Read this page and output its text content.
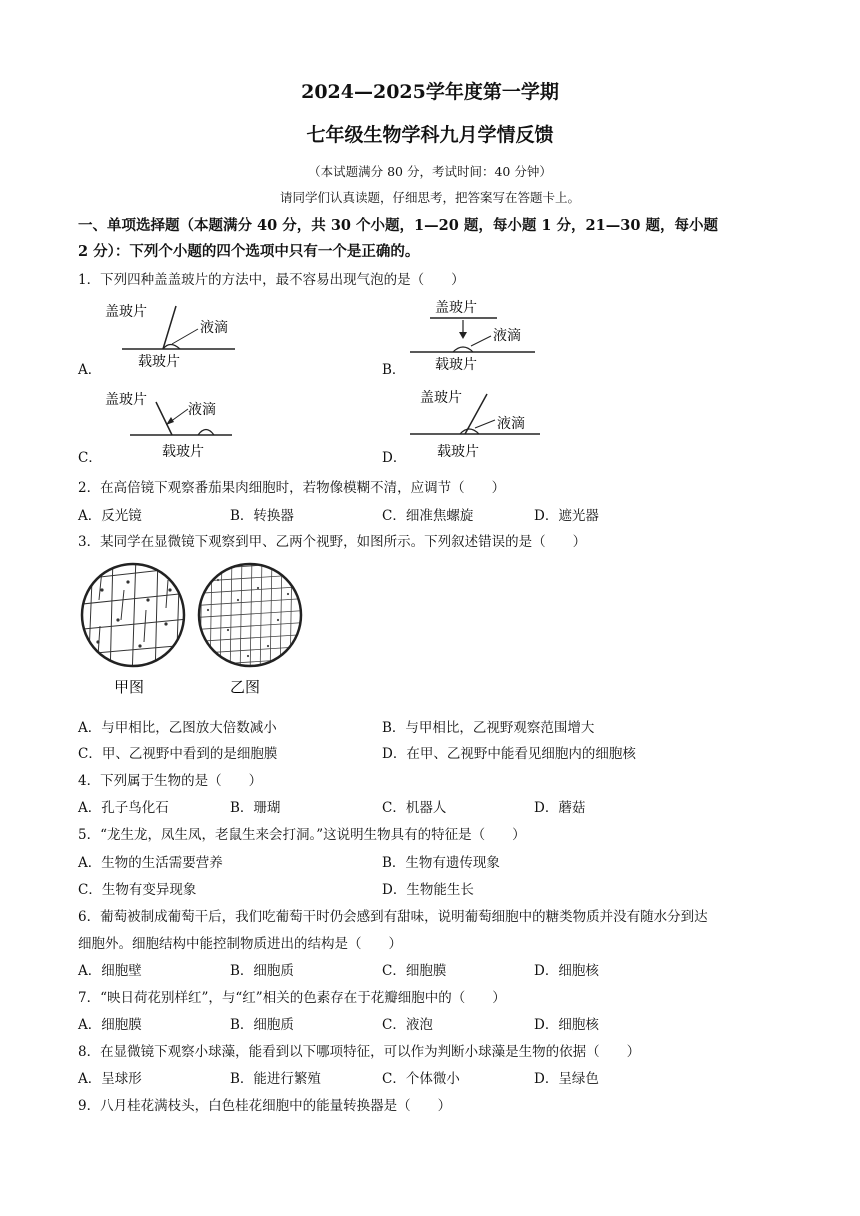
2024—2025学年度第一学期
七年级生物学科九月学情反馈
（本试题满分 80 分，考试时间：40 分钟）
请同学们认真读题，仔细思考，把答案写在答题卡上。
一、单项选择题（本题满分 40 分，共 30 个小题，1—20 题，每小题 1 分，21—30 题，每小题
2 分）：下列个小题的四个选项中只有一个是正确的。
1．下列四种盖盖玻片的方法中，最不容易出现气泡的是（　　）
A．
盖玻片
液滴
载玻片	B．
盖玻片
液滴
载玻片
C．
盖玻片
液滴
载玻片	D．
盖玻片
液滴
载玻片
2．在高倍镜下观察番茄果肉细胞时，若物像模糊不清，应调节（　　）
A．反光镜	B．转换器	C．细准焦螺旋	D．遮光器
3．某同学在显微镜下观察到甲、乙两个视野，如图所示。下列叙述错误的是（　　）
甲图	乙图
A．与甲相比，乙图放大倍数减小	B．与甲相比，乙视野观察范围增大
C．甲、乙视野中看到的是细胞膜	D．在甲、乙视野中能看见细胞内的细胞核
4．下列属于生物的是（　　）
A．孔子鸟化石	B．珊瑚	C．机器人	D．蘑菇
5．“龙生龙，凤生凤，老鼠生来会打洞。”这说明生物具有的特征是（　　）
A．生物的生活需要营养	B．生物有遗传现象
C．生物有变异现象	D．生物能生长
6．葡萄被制成葡萄干后，我们吃葡萄干时仍会感到有甜味，说明葡萄细胞中的糖类物质并没有随水分到达
细胞外。细胞结构中能控制物质进出的结构是（　　）
A．细胞壁	B．细胞质	C．细胞膜	D．细胞核
7．“映日荷花别样红”，与“红”相关的色素存在于花瓣细胞中的（　　）
A．细胞膜	B．细胞质	C．液泡	D．细胞核
8．在显微镜下观察小球藻，能看到以下哪项特征，可以作为判断小球藻是生物的依据（　　）
A．呈球形	B．能进行繁殖	C．个体微小	D．呈绿色
9．八月桂花满枝头，白色桂花细胞中的能量转换器是（　　）
